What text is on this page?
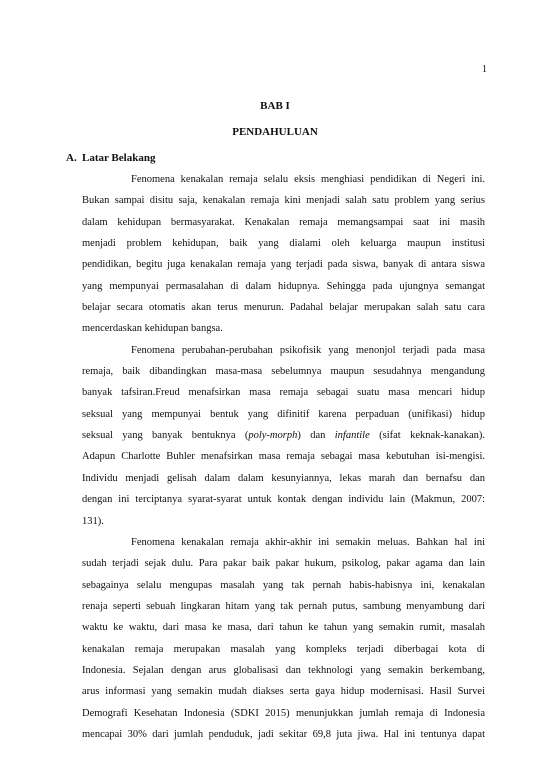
1
BAB I
PENDAHULUAN
A. Latar Belakang
Fenomena kenakalan remaja selalu eksis menghiasi pendidikan di Negeri ini.
Bukan sampai disitu saja, kenakalan remaja kini menjadi salah satu problem yang serius
dalam kehidupan bermasyarakat. Kenakalan remaja memangsampai saat ini masih
menjadi problem kehidupan, baik yang dialami oleh keluarga maupun institusi
pendidikan, begitu juga kenakalan remaja yang terjadi pada siswa, banyak di antara siswa
yang mempunyai permasalahan di dalam hidupnya. Sehingga pada ujungnya semangat
belajar secara otomatis akan terus menurun. Padahal belajar merupakan salah satu cara
mencerdaskan kehidupan bangsa.
Fenomena perubahan-perubahan psikofisik yang menonjol terjadi pada masa
remaja, baik dibandingkan masa-masa sebelumnya maupun sesudahnya mengandung
banyak tafsiran.Freud menafsirkan masa remaja sebagai suatu masa mencari hidup
seksual yang mempunyai bentuk yang difinitif karena perpaduan (unifikasi) hidup
seksual yang banyak bentuknya (poly-morph) dan infantile (sifat keknak-kanakan).
Adapun Charlotte Buhler menafsirkan masa remaja sebagai masa kebutuhan isi-mengisi.
Individu menjadi gelisah dalam dalam kesunyiannya, lekas marah dan bernafsu dan
dengan ini terciptanya syarat-syarat untuk kontak dengan individu lain (Makmun, 2007:
131).
Fenomena kenakalan remaja akhir-akhir ini semakin meluas. Bahkan hal ini
sudah terjadi sejak dulu. Para pakar baik pakar hukum, psikolog, pakar agama dan lain
sebagainya selalu mengupas masalah yang tak pernah habis-habisnya ini, kenakalan
renaja seperti sebuah lingkaran hitam yang tak pernah putus, sambung menyambung dari
waktu ke waktu, dari masa ke masa, dari tahun ke tahun yang semakin rumit, masalah
kenakalan remaja merupakan masalah yang kompleks terjadi diberbagai kota di
Indonesia. Sejalan dengan arus globalisasi dan tekhnologi yang semakin berkembang,
arus informasi yang semakin mudah diakses serta gaya hidup modernisasi. Hasil Survei
Demografi Kesehatan Indonesia (SDKI 2015) menunjukkan jumlah remaja di Indonesia
mencapai 30% dari jumlah penduduk, jadi sekitar 69,8 juta jiwa. Hal ini tentunya dapat
